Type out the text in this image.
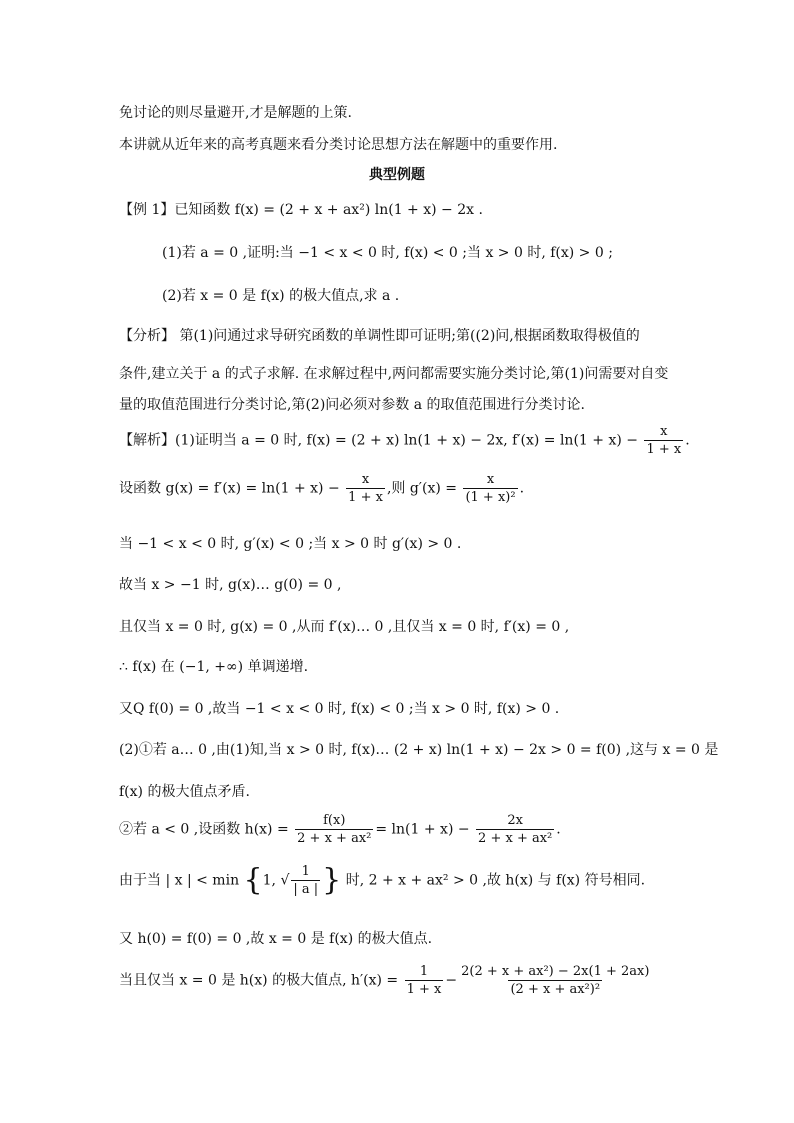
免讨论的则尽量避开,才是解题的上策.
本讲就从近年来的高考真题来看分类讨论思想方法在解题中的重要作用.
典型例题
【例 1】已知函数 f(x) = (2 + x + ax²) ln(1 + x) − 2x .
(1)若 a = 0 ,证明:当 −1 < x < 0 时, f(x) < 0 ;当 x > 0 时, f(x) > 0 ;
(2)若 x = 0 是 f(x) 的极大值点,求 a .
【分析】 第(1)问通过求导研究函数的单调性即可证明;第((2)问,根据函数取得极值的
条件,建立关于 a 的式子求解. 在求解过程中,两问都需要实施分类讨论,第(1)问需要对自变
量的取值范围进行分类讨论,第(2)问必须对参数 a 的取值范围进行分类讨论.
【解析】(1)证明当 a = 0 时, f(x) = (2 + x) ln(1 + x) − 2x, $f'(x) = \ln(1 + x) - \frac{x}{1 + x}$ .
设函数 $g(x) = f'(x) = \ln(1 + x) - \frac{x}{1 + x}$ ,则 $g'(x) = \frac{x}{\text{(1 + x)²}}$ .
当 −1 < x < 0 时, g′(x) < 0 ;当 x > 0 时 g′(x) > 0 .
故当 x > −1 时, g(x)… g(0) = 0 ,
且仅当 x = 0 时, g(x) = 0 ,从而 f′(x)… 0 ,且仅当 x = 0 时, f′(x) = 0 ,
∴ f(x) 在 (−1, +∞) 单调递增.
又Q f(0) = 0 ,故当 −1 < x < 0 时, f(x) < 0 ;当 x > 0 时, f(x) > 0 .
(2)①若 a… 0 ,由(1)知,当 x > 0 时, f(x)… (2 + x) ln(1 + x) − 2x > 0 = f(0) ,这与 x = 0 是
f(x) 的极大值点矛盾.
②若 a < 0 ,设函数 $h(x) = \frac{f(x)}{\text{2 + x + ax²}} = \ln(1 + x) - \frac{2x}{\text{2 + x + ax²}}$ .
由于当 | x | < min {1, √ $\frac{1}{| a |}$ } 时, 2 + x + ax² > 0 ,故 h(x) 与 f(x) 符号相同.
又 h(0) = f(0) = 0 ,故 x = 0 是 f(x) 的极大值点.
当且仅当 x = 0 是 h(x) 的极大值点, $h'(x) = \frac{1}{1 + x} - \frac{\text{2(2 + x + ax²) − 2x(1 + 2ax)}}{\text{(2 + x + ax²)²}}$
